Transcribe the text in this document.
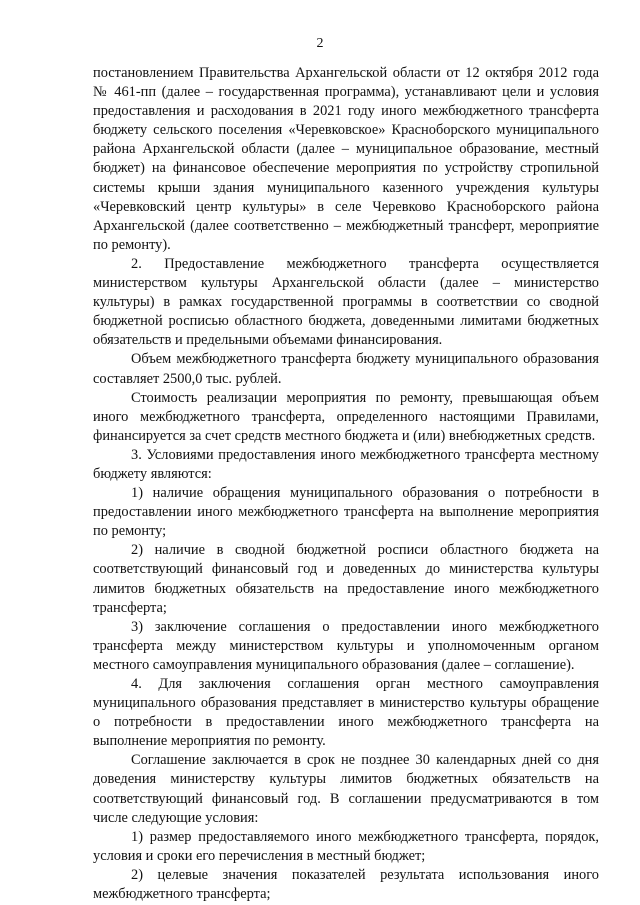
2

постановлением Правительства Архангельской области от 12 октября 2012 года № 461-пп (далее – государственная программа), устанавливают цели и условия предоставления и расходования в 2021 году иного межбюджетного трансферта бюджету сельского поселения «Черевковское» Красноборского муниципального района Архангельской области (далее – муниципальное образование, местный бюджет) на финансовое обеспечение мероприятия по устройству стропильной системы крыши здания муниципального казенного учреждения культуры «Черевковский центр культуры» в селе Черевково Красноборского района Архангельской (далее соответственно – межбюджетный трансферт, мероприятие по ремонту).

2. Предоставление межбюджетного трансферта осуществляется министерством культуры Архангельской области (далее – министерство культуры) в рамках государственной программы в соответствии со сводной бюджетной росписью областного бюджета, доведенными лимитами бюджетных обязательств и предельными объемами финансирования.

Объем межбюджетного трансферта бюджету муниципального образования составляет 2500,0 тыс. рублей.

Стоимость реализации мероприятия по ремонту, превышающая объем иного межбюджетного трансферта, определенного настоящими Правилами, финансируется за счет средств местного бюджета и (или) внебюджетных средств.

3. Условиями предоставления иного межбюджетного трансферта местному бюджету являются:

1) наличие обращения муниципального образования о потребности в предоставлении иного межбюджетного трансферта на выполнение мероприятия по ремонту;

2) наличие в сводной бюджетной росписи областного бюджета на соответствующий финансовый год и доведенных до министерства культуры лимитов бюджетных обязательств на предоставление иного межбюджетного трансферта;

3) заключение соглашения о предоставлении иного межбюджетного трансферта между министерством культуры и уполномоченным органом местного самоуправления муниципального образования (далее – соглашение).

4. Для заключения соглашения орган местного самоуправления муниципального образования представляет в министерство культуры обращение о потребности в предоставлении иного межбюджетного трансферта на выполнение мероприятия по ремонту.

Соглашение заключается в срок не позднее 30 календарных дней со дня доведения министерству культуры лимитов бюджетных обязательств на соответствующий финансовый год. В соглашении предусматриваются в том числе следующие условия:

1) размер предоставляемого иного межбюджетного трансферта, порядок, условия и сроки его перечисления в местный бюджет;

2) целевые значения показателей результата использования иного межбюджетного трансферта;
